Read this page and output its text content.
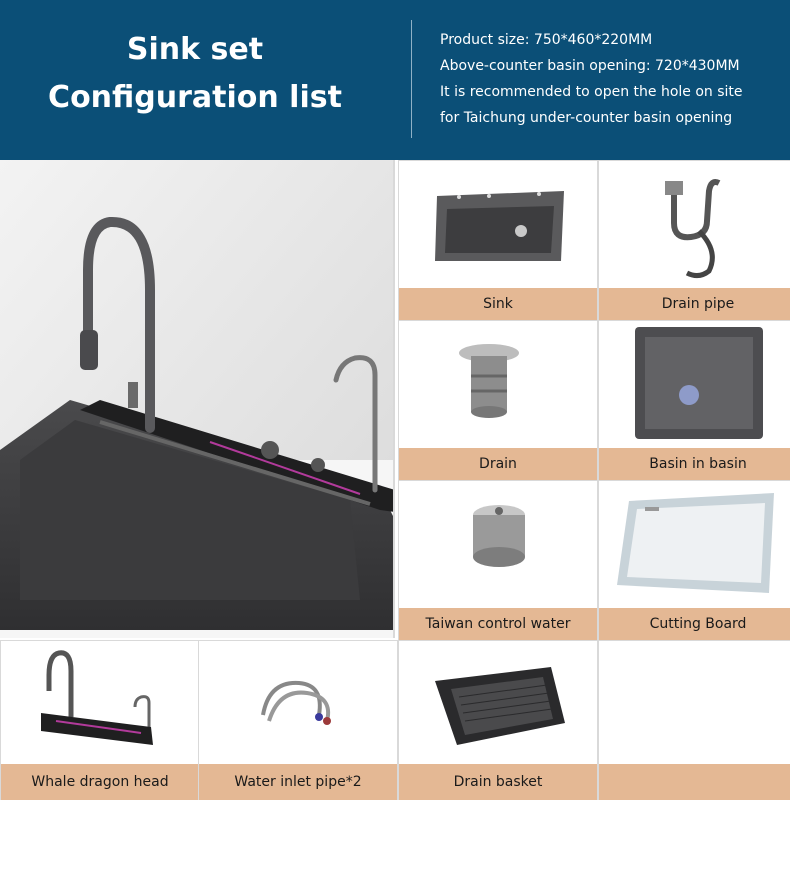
Sink set
Configuration list
Product size: 750*460*220MM
Above-counter basin opening: 720*430MM
It is recommended to open the hole on site
for Taichung under-counter basin opening
Sink	Drain pipe
Drain	Basin in basin
Taiwan control water	Cutting Board
Whale dragon head	Water inlet pipe*2	Drain basket
